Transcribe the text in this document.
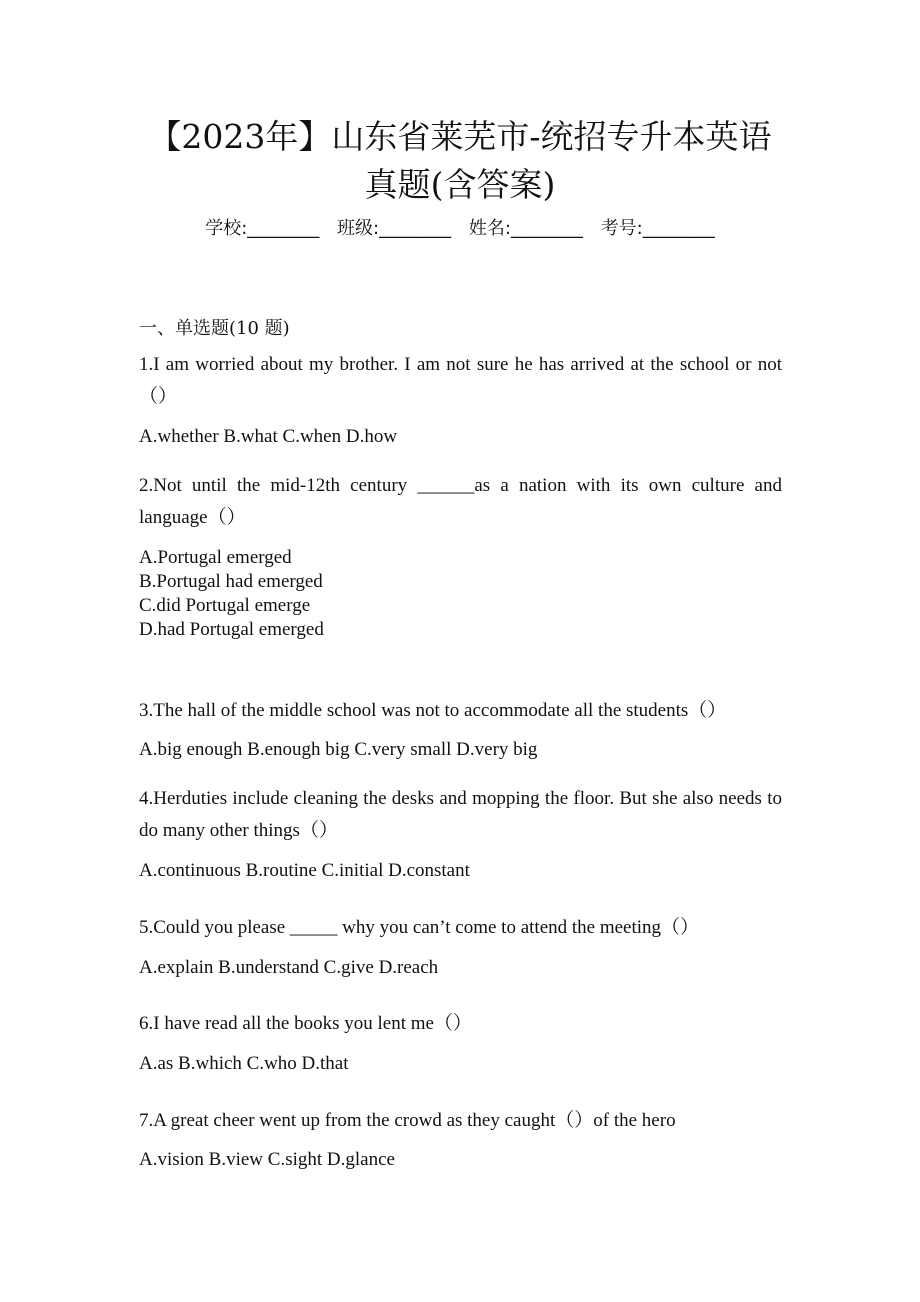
【2023年】山东省莱芜市-统招专升本英语
真题(含答案)
学校:________ 班级:________ 姓名:________ 考号:________
一、单选题(10 题)
1.I am worried about my brother. I am not sure he has arrived at the school or not（）
A.whether B.what C.when D.how
2.Not until the mid-12th century ______as a nation with its own culture and language（）
A.Portugal emerged
B.Portugal had emerged
C.did Portugal emerge
D.had Portugal emerged
3.The hall of the middle school was not to accommodate all the students（）
A.big enough B.enough big C.very small D.very big
4.Herduties include cleaning the desks and mopping the floor. But she also needs to do many other things（）
A.continuous B.routine C.initial D.constant
5.Could you please _____ why you can’t come to attend the meeting（）
A.explain B.understand C.give D.reach
6.I have read all the books you lent me（）
A.as B.which C.who D.that
7.A great cheer went up from the crowd as they caught（）of the hero
A.vision B.view C.sight D.glance
